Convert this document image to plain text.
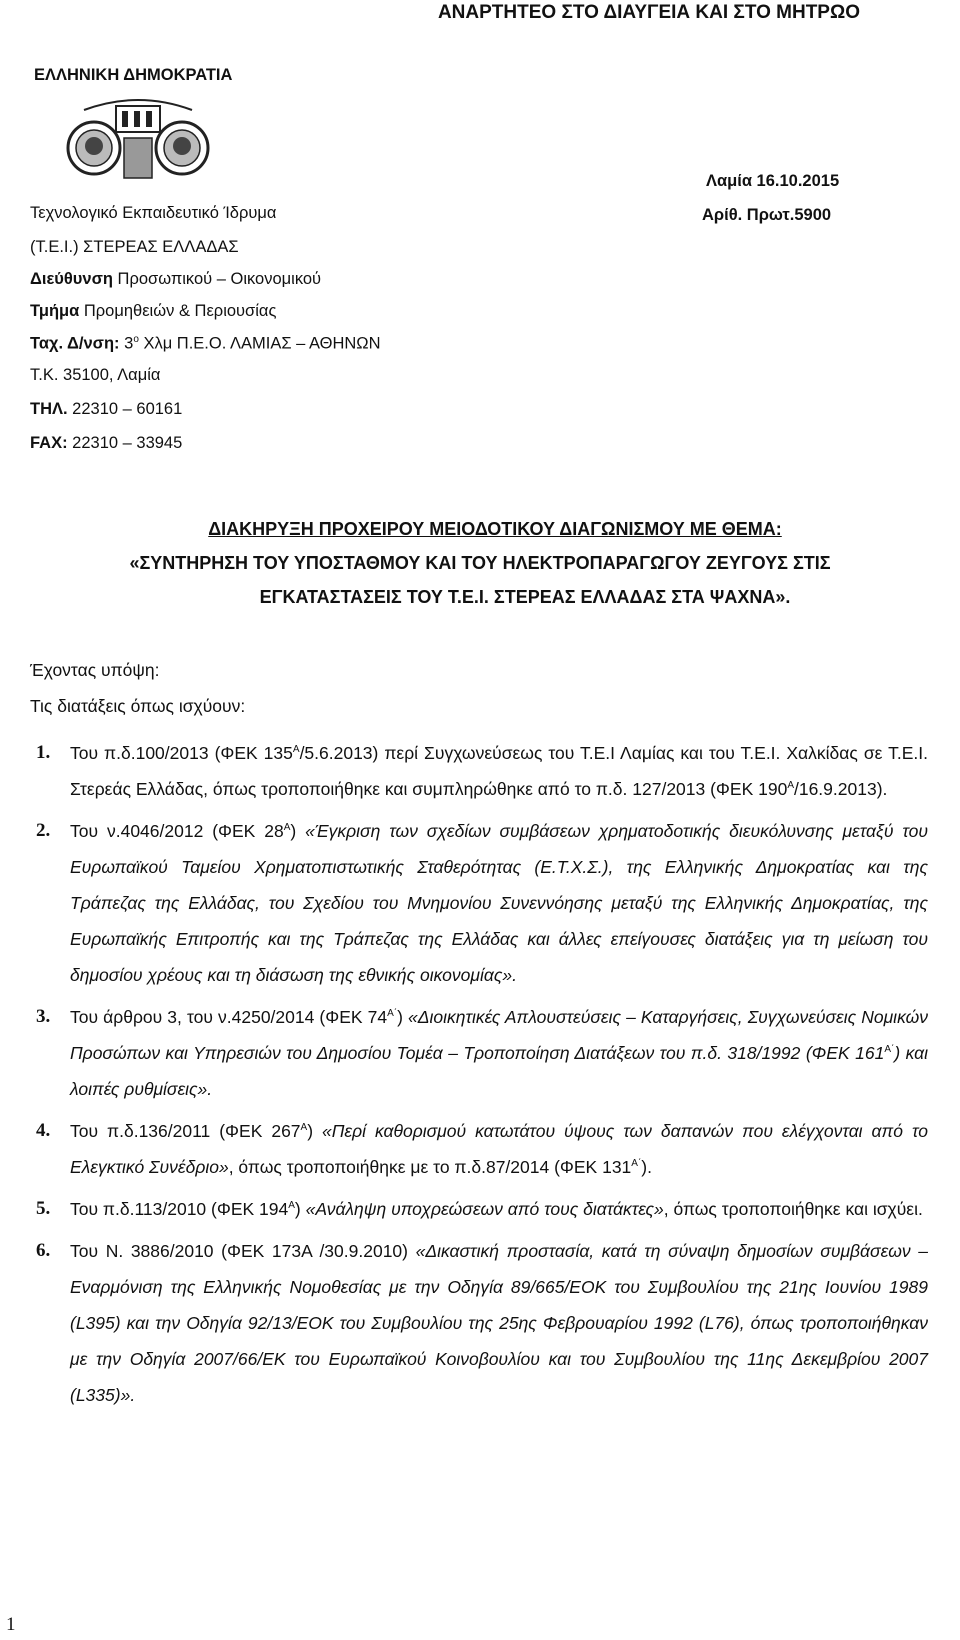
ΑΝΑΡΤΗΤΕΟ ΣΤΟ ΔΙΑΥΓΕΙΑ ΚΑΙ ΣΤΟ ΜΗΤΡΩΟ
ΕΛΛΗΝΙΚΗ ΔΗΜΟΚΡΑΤΙΑ
Τεχνολογικό Εκπαιδευτικό Ίδρυμα
(Τ.Ε.Ι.) ΣΤΕΡΕΑΣ ΕΛΛΑΔΑΣ
Διεύθυνση Προσωπικού – Οικονομικού
Τμήμα Προμηθειών & Περιουσίας
Ταχ. Δ/νση: $3^o$ Χλμ Π.Ε.Ο. ΛΑΜΙΑΣ – ΑΘΗΝΩΝ
Τ.Κ. 35100, Λαμία
ΤΗΛ. 22310 – 60161
FAX: 22310 – 33945
Λαμία 16.10.2015
Αρίθ. Πρωτ.5900
ΔΙΑΚΗΡΥΞΗ ΠΡΟΧΕΙΡΟΥ ΜΕΙΟΔΟΤΙΚΟΥ ΔΙΑΓΩΝΙΣΜΟΥ ΜΕ ΘΕΜΑ:
«ΣΥΝΤΗΡΗΣΗ ΤΟΥ ΥΠΟΣΤΑΘΜΟΥ ΚΑΙ ΤΟΥ ΗΛΕΚΤΡΟΠΑΡΑΓΩΓΟΥ ΖΕΥΓΟΥΣ ΣΤΙΣ
ΕΓΚΑΤΑΣΤΑΣΕΙΣ ΤΟΥ Τ.Ε.Ι. ΣΤΕΡΕΑΣ ΕΛΛΑΔΑΣ ΣΤΑ ΨΑΧΝΑ».
Έχοντας υπόψη:
Τις διατάξεις όπως ισχύουν:
1. Του π.δ.100/2013 (ΦΕΚ $135^A/5.6.2013$) περί Συγχωνεύσεως του Τ.Ε.Ι Λαμίας και του Τ.Ε.Ι. Χαλκίδας σε Τ.Ε.Ι. Στερεάς Ελλάδας, όπως τροποποιήθηκε και συμπληρώθηκε από το π.δ. 127/2013 (ΦΕΚ $190^A/16.9.2013$).
2. Του ν.4046/2012 (ΦΕΚ $28^A$) «Έγκριση των σχεδίων συμβάσεων χρηματοδοτικής διευκόλυνσης μεταξύ του Ευρωπαϊκού Ταμείου Χρηματοπιστωτικής Σταθερότητας (Ε.Τ.Χ.Σ.), της Ελληνικής Δημοκρατίας και της Τράπεζας της Ελλάδας, του Σχεδίου του Μνημονίου Συνεννόησης μεταξύ της Ελληνικής Δημοκρατίας, της Ευρωπαϊκής Επιτροπής και της Τράπεζας της Ελλάδας και άλλες επείγουσες διατάξεις για τη μείωση του δημοσίου χρέους και τη διάσωση της εθνικής οικονομίας».
3. Του άρθρου 3, του ν.4250/2014 (ΦΕΚ $74^{A΄}$) «Διοικητικές Απλουστεύσεις – Καταργήσεις, Συγχωνεύσεις Νομικών Προσώπων και Υπηρεσιών του Δημοσίου Τομέα – Τροποποίηση Διατάξεων του π.δ. 318/1992 (ΦΕΚ $161^{A΄}$) και λοιπές ρυθμίσεις».
4. Του π.δ.136/2011 (ΦΕΚ $267^A$) «Περί καθορισμού κατωτάτου ύψους των δαπανών που ελέγχονται από το Ελεγκτικό Συνέδριο», όπως τροποποιήθηκε με το π.δ.87/2014 (ΦΕΚ $131^{A΄}$).
5. Του π.δ.113/2010 (ΦΕΚ $194^A$) «Ανάληψη υποχρεώσεων από τους διατάκτες», όπως τροποποιήθηκε και ισχύει.
6. Του Ν. 3886/2010 (ΦΕΚ 173Α /30.9.2010) «Δικαστική προστασία, κατά τη σύναψη δημοσίων συμβάσεων – Εναρμόνιση της Ελληνικής Νομοθεσίας με την Οδηγία 89/665/ΕΟΚ του Συμβουλίου της 21ης Ιουνίου 1989 (L395) και την Οδηγία 92/13/ΕΟΚ του Συμβουλίου της 25ης Φεβρουαρίου 1992 (L76), όπως τροποποιήθηκαν με την Οδηγία 2007/66/ΕΚ του Ευρωπαϊκού Κοινοβουλίου και του Συμβουλίου της 11ης Δεκεμβρίου 2007 (L335)».
1
